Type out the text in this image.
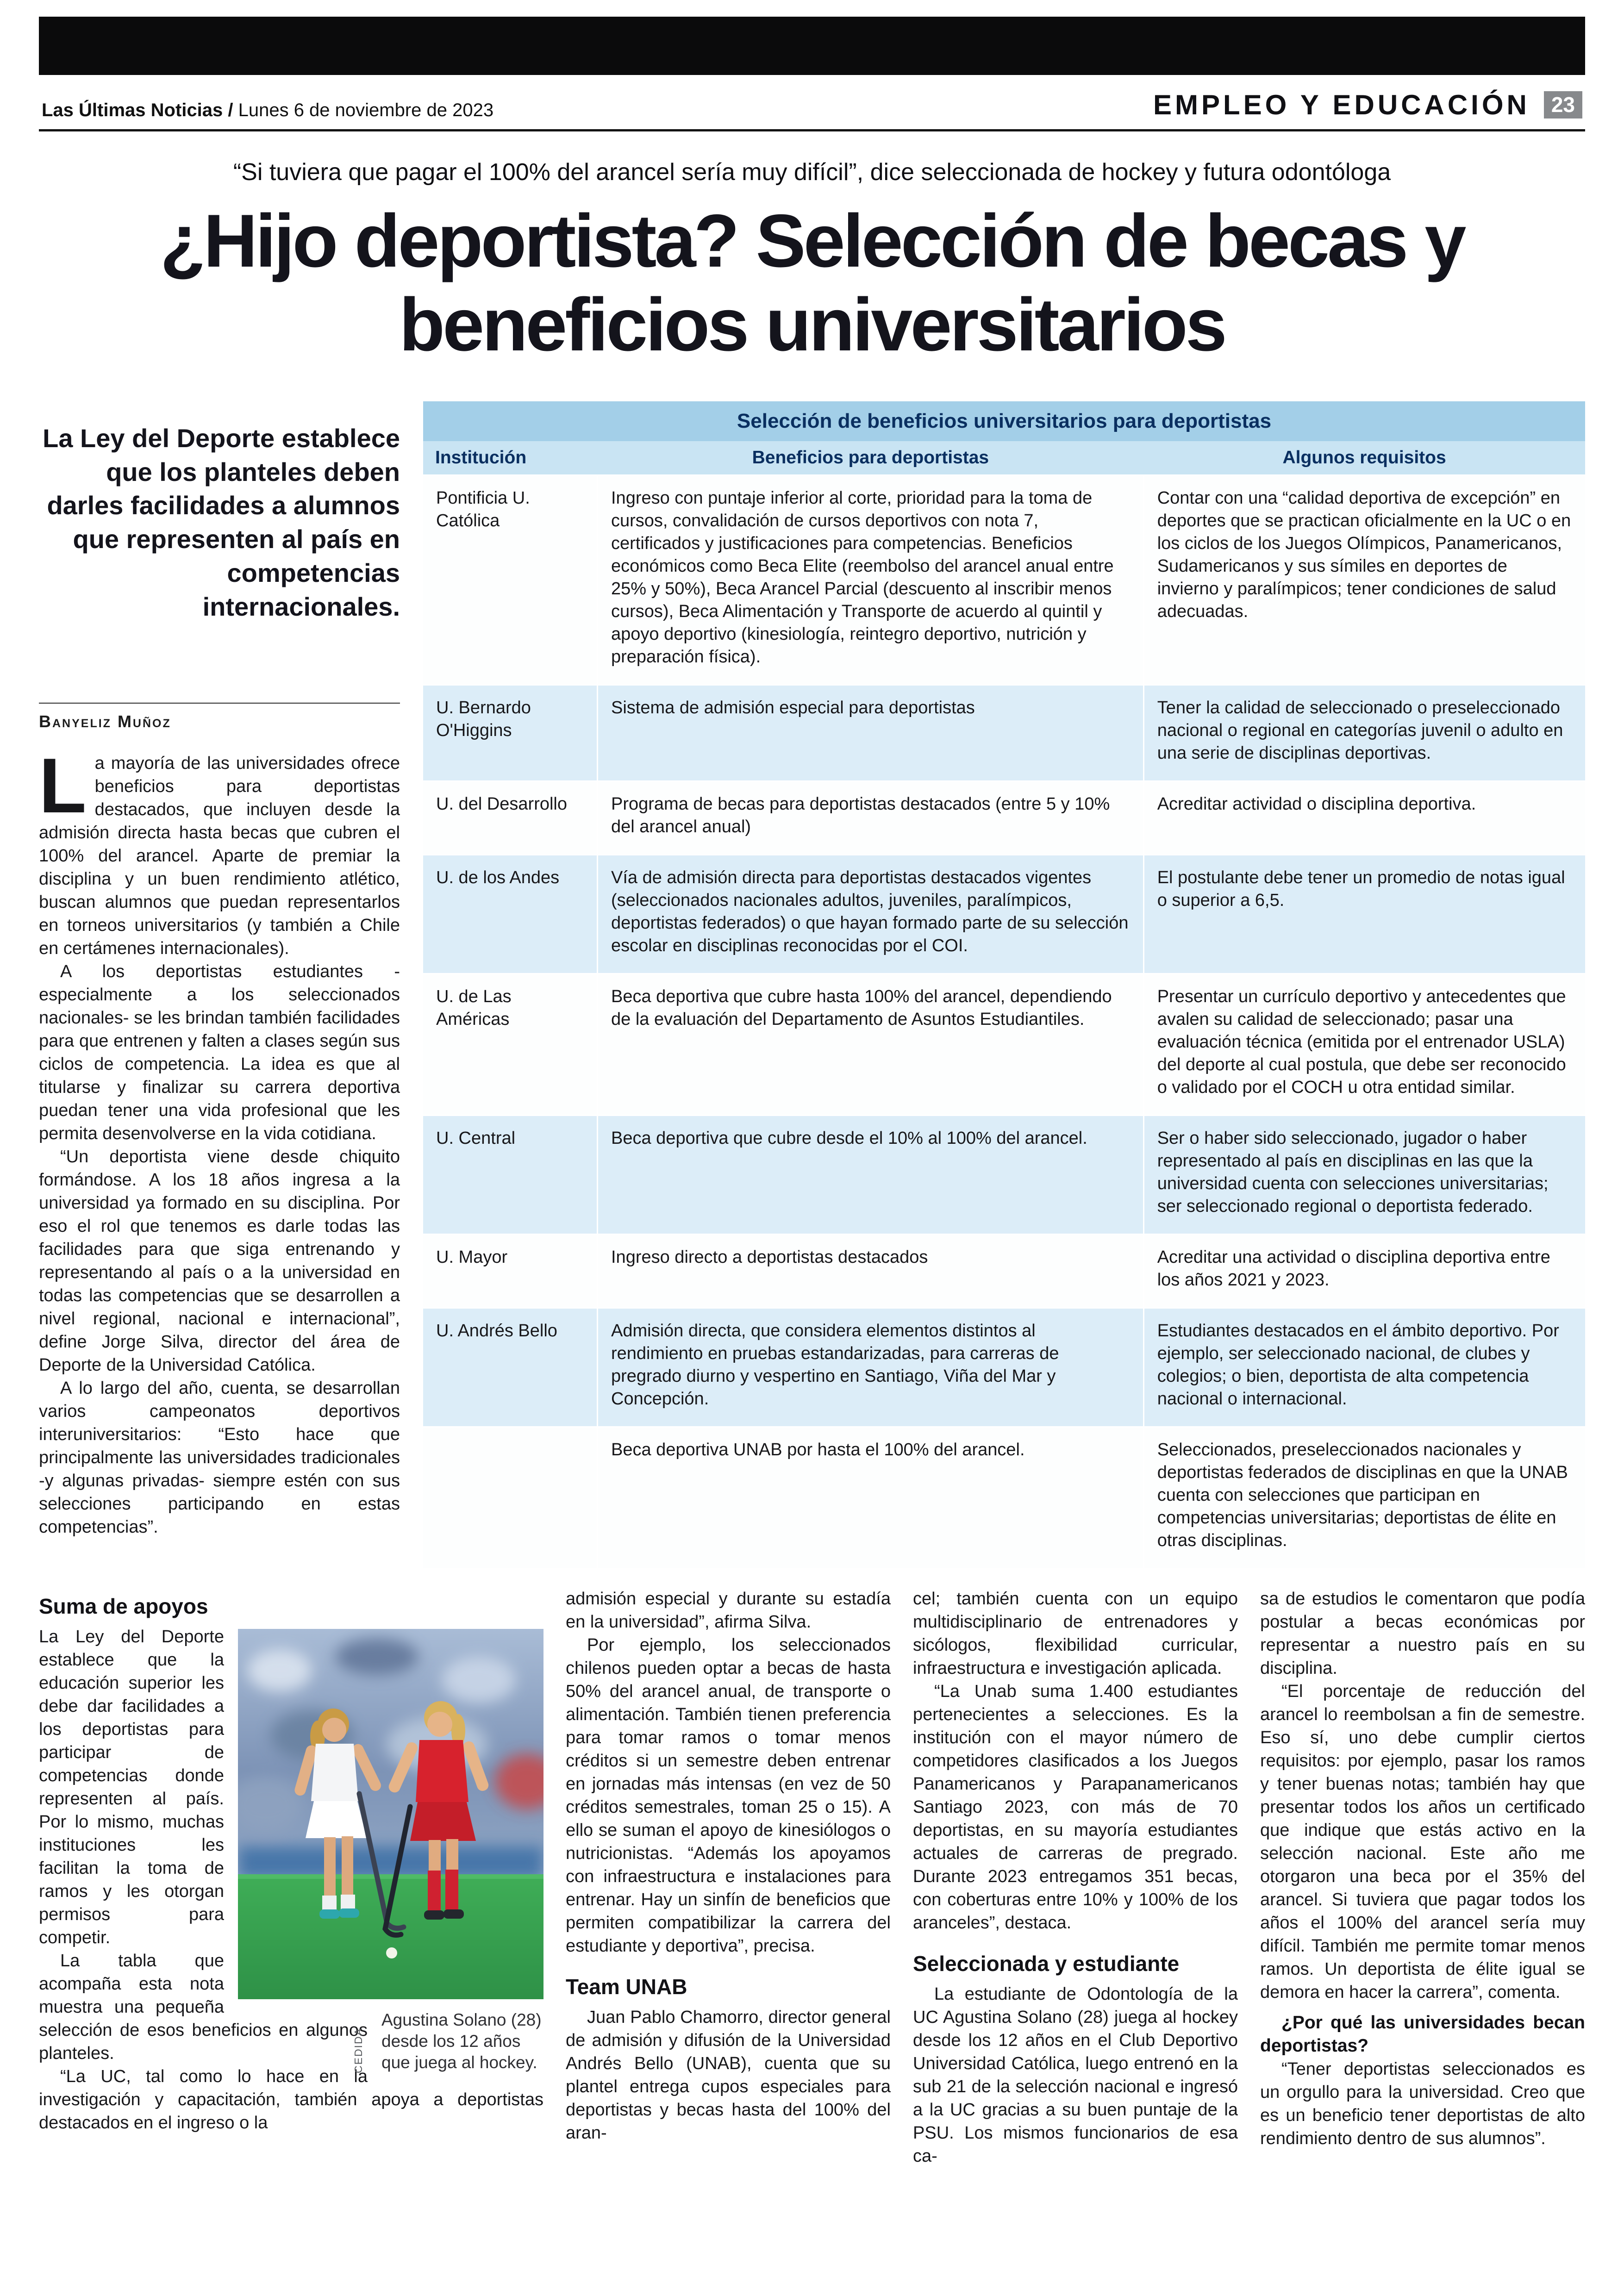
Las Últimas Noticias / Lunes 6 de noviembre de 2023	EMPLEO Y EDUCACIÓN	23
“Si tuviera que pagar el 100% del arancel sería muy difícil”, dice seleccionada de hockey y futura odontóloga
¿Hijo deportista? Selección de becas y
beneficios universitarios
La Ley del Deporte establece que los planteles deben darles facilidades a alumnos que representen al país en competencias internacionales.
Banyeliz Muñoz

La mayoría de las universidades ofrece beneficios para deportistas destacados, que incluyen desde la admisión directa hasta becas que cubren el 100% del arancel. Aparte de premiar la disciplina y un buen rendimiento atlético, buscan alumnos que puedan representarlos en torneos universitarios (y también a Chile en certámenes internacionales).

A los deportistas estudiantes -especialmente a los seleccionados nacionales- se les brindan también facilidades para que entrenen y falten a clases según sus ciclos de competencia. La idea es que al titularse y finalizar su carrera deportiva puedan tener una vida profesional que les permita desenvolverse en la vida cotidiana.

“Un deportista viene desde chiquito formándose. A los 18 años ingresa a la universidad ya formado en su disciplina. Por eso el rol que tenemos es darle todas las facilidades para que siga entrenando y representando al país o a la universidad en todas las competencias que se desarrollen a nivel regional, nacional e internacional”, define Jorge Silva, director del área de Deporte de la Universidad Católica.

A lo largo del año, cuenta, se desarrollan varios campeonatos deportivos interuniversitarios: “Esto hace que principalmente las universidades tradicionales -y algunas privadas- siempre estén con sus selecciones participando en estas competencias”.

Selección de beneficios universitarios para deportistas
Institución	Beneficios para deportistas	Algunos requisitos
Pontificia U. Católica	Ingreso con puntaje inferior al corte, prioridad para la toma de cursos, convalidación de cursos deportivos con nota 7, certificados y justificaciones para competencias. Beneficios económicos como Beca Elite (reembolso del arancel anual entre 25% y 50%), Beca Arancel Parcial (descuento al inscribir menos cursos), Beca Alimentación y Transporte de acuerdo al quintil y apoyo deportivo (kinesiología, reintegro deportivo, nutrición y preparación física).	Contar con una “calidad deportiva de excepción” en deportes que se practican oficialmente en la UC o en los ciclos de los Juegos Olímpicos, Panamericanos, Sudamericanos y sus símiles en deportes de invierno y paralímpicos; tener condiciones de salud adecuadas.
U. Bernardo O'Higgins	Sistema de admisión especial para deportistas	Tener la calidad de seleccionado o preseleccionado nacional o regional en categorías juvenil o adulto en una serie de disciplinas deportivas.
U. del Desarrollo	Programa de becas para deportistas destacados (entre 5 y 10% del arancel anual)	Acreditar actividad o disciplina deportiva.
U. de los Andes	Vía de admisión directa para deportistas destacados vigentes (seleccionados nacionales adultos, juveniles, paralímpicos, deportistas federados) o que hayan formado parte de su selección escolar en disciplinas reconocidas por el COI.	El postulante debe tener un promedio de notas igual o superior a 6,5.
U. de Las Américas	Beca deportiva que cubre hasta 100% del arancel, dependiendo de la evaluación del Departamento de Asuntos Estudiantiles.	Presentar un currículo deportivo y antecedentes que avalen su calidad de seleccionado; pasar una evaluación técnica (emitida por el entrenador USLA) del deporte al cual postula, que debe ser reconocido o validado por el COCH u otra entidad similar.
U. Central	Beca deportiva que cubre desde el 10% al 100% del arancel.	Ser o haber sido seleccionado, jugador o haber representado al país en disciplinas en las que la universidad cuenta con selecciones universitarias; ser seleccionado regional o deportista federado.
U. Mayor	Ingreso directo a deportistas destacados	Acreditar una actividad o disciplina deportiva entre los años 2021 y 2023.
U. Andrés Bello	Admisión directa, que considera elementos distintos al rendimiento en pruebas estandarizadas, para carreras de pregrado diurno y vespertino en Santiago, Viña del Mar y Concepción.	Estudiantes destacados en el ámbito deportivo. Por ejemplo, ser seleccionado nacional, de clubes y colegios; o bien, deportista de alta competencia nacional o internacional.
	Beca deportiva UNAB por hasta el 100% del arancel.	Seleccionados, preseleccionados nacionales y deportistas federados de disciplinas en que la UNAB cuenta con selecciones que participan en competencias universitarias; deportistas de élite en otras disciplinas.
Suma de apoyos
CEDIDA
Agustina Solano (28) desde los 12 años que juega al hockey.

La Ley del Deporte establece que la educación superior les debe dar facilidades a los deportistas para participar de competencias donde representen al país. Por lo mismo, muchas instituciones les facilitan la toma de ramos y les otorgan permisos para competir.

La tabla que acompaña esta nota muestra una pequeña selección de esos beneficios en algunos planteles.

“La UC, tal como lo hace en la investigación y capacitación, también apoya a deportistas destacados en el ingreso o la

admisión especial y durante su estadía en la universidad”, afirma Silva.

Por ejemplo, los seleccionados chilenos pueden optar a becas de hasta 50% del arancel anual, de transporte o alimentación. También tienen preferencia para tomar ramos o tomar menos créditos si un semestre deben entrenar en jornadas más intensas (en vez de 50 créditos semestrales, toman 25 o 15). A ello se suman el apoyo de kinesiólogos o nutricionistas. “Además los apoyamos con infraestructura e instalaciones para entrenar. Hay un sinfín de beneficios que permiten compatibilizar la carrera del estudiante y deportiva”, precisa.

Team UNAB

Juan Pablo Chamorro, director general de admisión y difusión de la Universidad Andrés Bello (UNAB), cuenta que su plantel entrega cupos especiales para deportistas y becas hasta del 100% del aran-

cel; también cuenta con un equipo multidisciplinario de entrenadores y sicólogos, flexibilidad curricular, infraestructura e investigación aplicada.

“La Unab suma 1.400 estudiantes pertenecientes a selecciones. Es la institución con el mayor número de competidores clasificados a los Juegos Panamericanos y Parapanamericanos Santiago 2023, con más de 70 deportistas, en su mayoría estudiantes actuales de carreras de pregrado. Durante 2023 entregamos 351 becas, con coberturas entre 10% y 100% de los aranceles”, destaca.

Seleccionada y estudiante

La estudiante de Odontología de la UC Agustina Solano (28) juega al hockey desde los 12 años en el Club Deportivo Universidad Católica, luego entrenó en la sub 21 de la selección nacional e ingresó a la UC gracias a su buen puntaje de la PSU. Los mismos funcionarios de esa ca-

sa de estudios le comentaron que podía postular a becas económicas por representar a nuestro país en su disciplina.

“El porcentaje de reducción del arancel lo reembolsan a fin de semestre. Eso sí, uno debe cumplir ciertos requisitos: por ejemplo, pasar los ramos y tener buenas notas; también hay que presentar todos los años un certificado que indique que estás activo en la selección nacional. Este año me otorgaron una beca por el 35% del arancel. Si tuviera que pagar todos los años el 100% del arancel sería muy difícil. También me permite tomar menos ramos. Un deportista de élite igual se demora en hacer la carrera”, comenta.

¿Por qué las universidades becan deportistas?

“Tener deportistas seleccionados es un orgullo para la universidad. Creo que es un beneficio tener deportistas de alto rendimiento dentro de sus alumnos”.
